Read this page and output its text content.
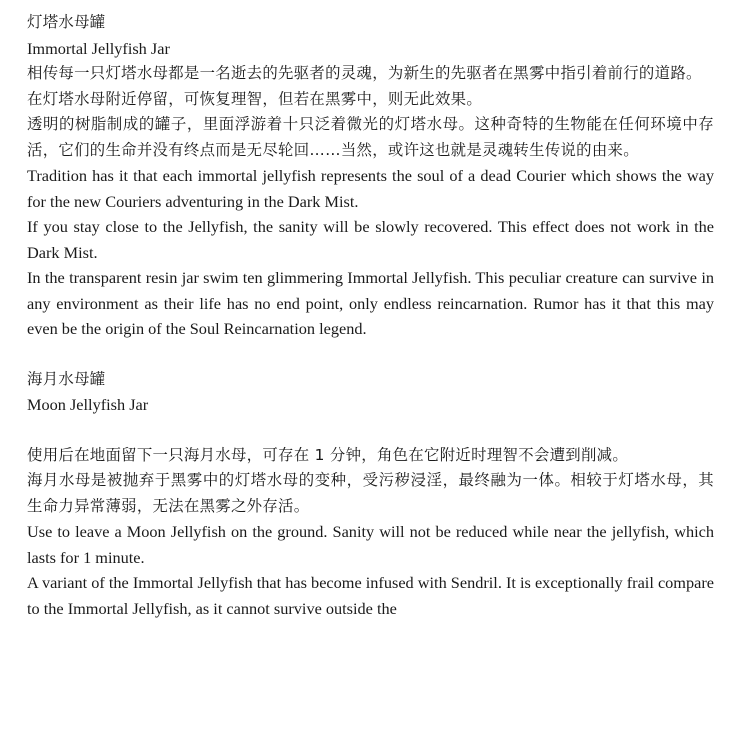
灯塔水母罐

Immortal Jellyfish Jar

相传每一只灯塔水母都是一名逝去的先驱者的灵魂，为新生的先驱者在黑雾中指引着前行的道路。

在灯塔水母附近停留，可恢复理智，但若在黑雾中，则无此效果。

透明的树脂制成的罐子，里面浮游着十只泛着微光的灯塔水母。这种奇特的生物能在任何环境中存活，它们的生命并没有终点而是无尽轮回……当然，或许这也就是灵魂转生传说的由来。

Tradition has it that each immortal jellyfish represents the soul of a dead Courier which shows the way for the new Couriers adventuring in the Dark Mist.

If you stay close to the Jellyfish, the sanity will be slowly recovered. This effect does not work in the Dark Mist.

In the transparent resin jar swim ten glimmering Immortal Jellyfish. This peculiar creature can survive in any environment as their life has no end point, only endless reincarnation. Rumor has it that this may even be the origin of the Soul Reincarnation legend.

海月水母罐

Moon Jellyfish Jar

使用后在地面留下一只海月水母，可存在 1 分钟，角色在它附近时理智不会遭到削减。

海月水母是被抛弃于黑雾中的灯塔水母的变种，受污秽浸淫，最终融为一体。相较于灯塔水母，其生命力异常薄弱，无法在黑雾之外存活。

Use to leave a Moon Jellyfish on the ground. Sanity will not be reduced while near the jellyfish, which lasts for 1 minute.

A variant of the Immortal Jellyfish that has become infused with Sendril. It is exceptionally frail compare to the Immortal Jellyfish, as it cannot survive outside the
